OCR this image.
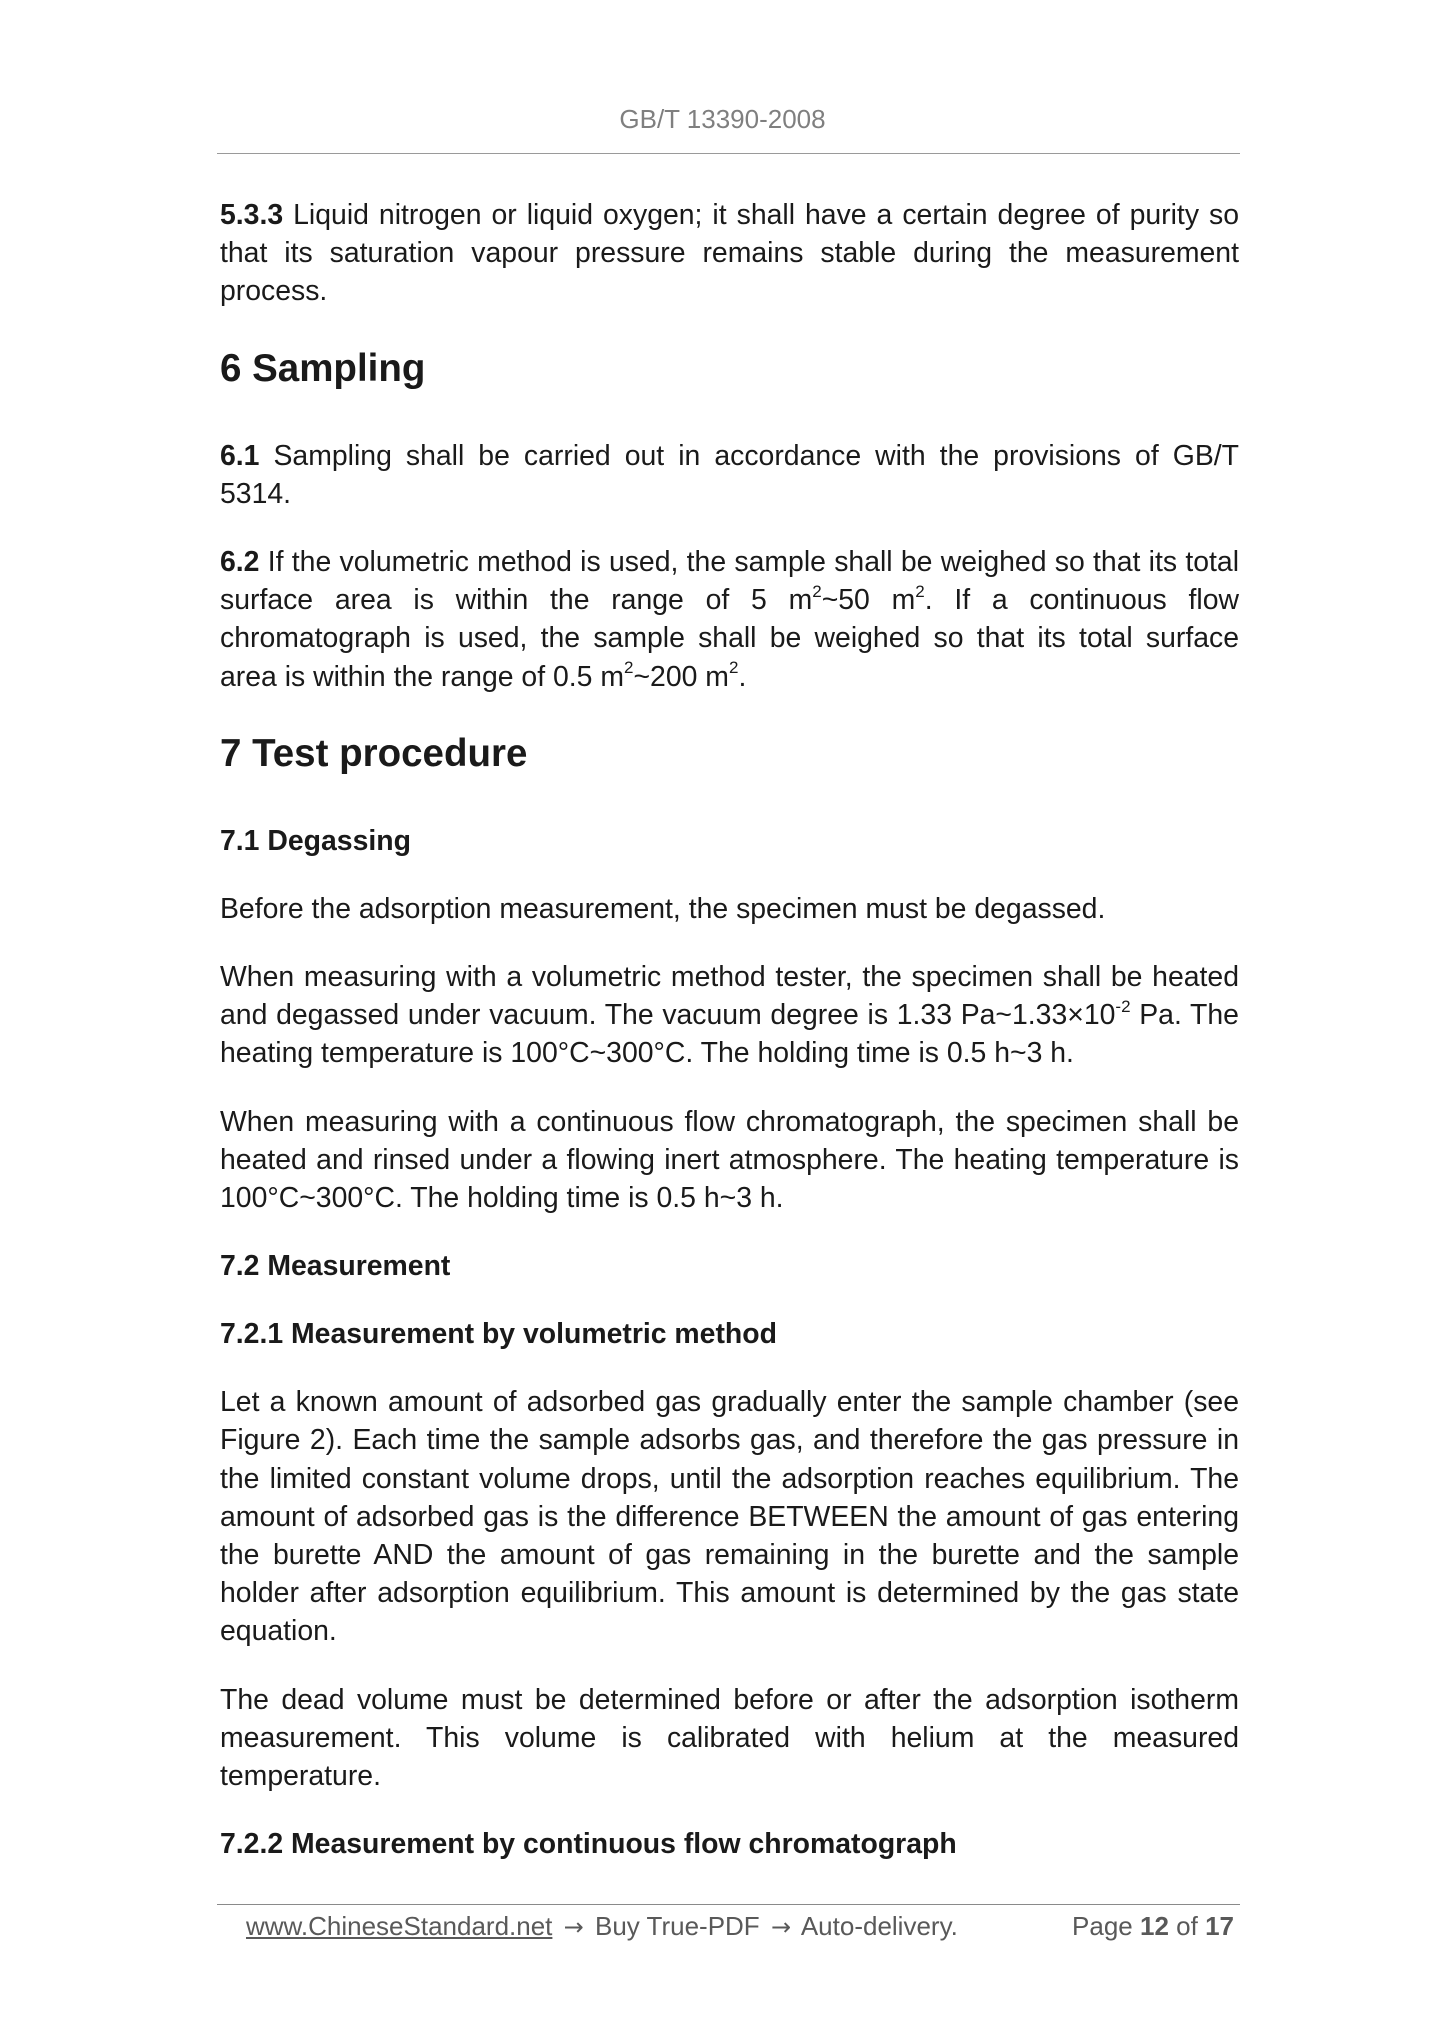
GB/T 13390-2008

5.3.3 Liquid nitrogen or liquid oxygen; it shall have a certain degree of purity so that its saturation vapour pressure remains stable during the measurement process.

6 Sampling

6.1 Sampling shall be carried out in accordance with the provisions of GB/T 5314.

6.2 If the volumetric method is used, the sample shall be weighed so that its total surface area is within the range of 5 $m^2\sim 50$ $m^2$. If a continuous flow chromatograph is used, the sample shall be weighed so that its total surface area is within the range of 0.5 $m^2\sim 200$ $m^2$.

7 Test procedure
7.1 Degassing

Before the adsorption measurement, the specimen must be degassed.

When measuring with a volumetric method tester, the specimen shall be heated and degassed under vacuum. The vacuum degree is 1.33 $Pa\sim 1.33\times 10^{-2}$ Pa. The heating temperature is 100°C~300°C. The holding time is 0.5 h~3 h.

When measuring with a continuous flow chromatograph, the specimen shall be heated and rinsed under a flowing inert atmosphere. The heating temperature is 100°C~300°C. The holding time is 0.5 h~3 h.

7.2 Measurement
7.2.1 Measurement by volumetric method

Let a known amount of adsorbed gas gradually enter the sample chamber (see Figure 2). Each time the sample adsorbs gas, and therefore the gas pressure in the limited constant volume drops, until the adsorption reaches equilibrium. The amount of adsorbed gas is the difference BETWEEN the amount of gas entering the burette AND the amount of gas remaining in the burette and the sample holder after adsorption equilibrium. This amount is determined by the gas state equation.

The dead volume must be determined before or after the adsorption isotherm measurement. This volume is calibrated with helium at the measured temperature.

7.2.2 Measurement by continuous flow chromatograph
www.ChineseStandard.net → Buy True-PDF → Auto-delivery.	Page 12 of 17
